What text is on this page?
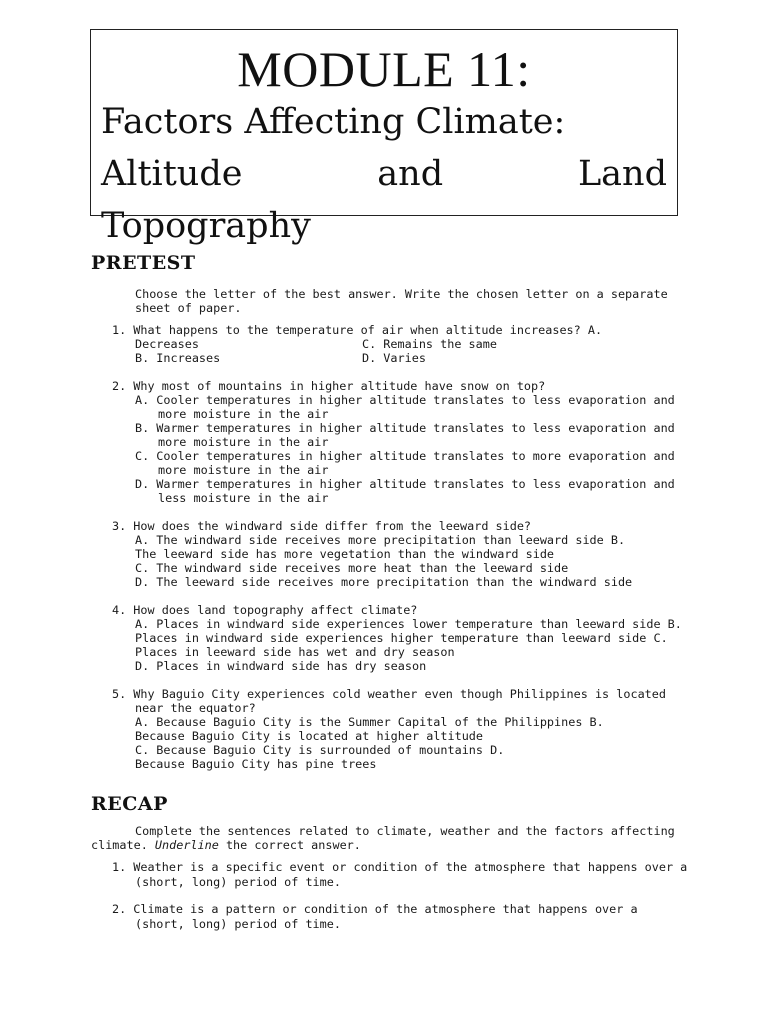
MODULE 11:
Factors Affecting Climate:
Altitude	and	Land
Topography
PRETEST
Choose the letter of the best answer. Write the chosen letter on a separate
sheet of paper.
1. What happens to the temperature of air when altitude increases? A.
Decreases	C. Remains the same
B. Increases	D. Varies
2. Why most of mountains in higher altitude have snow on top?
A. Cooler temperatures in higher altitude translates to less evaporation and
more moisture in the air
B. Warmer temperatures in higher altitude translates to less evaporation and
more moisture in the air
C. Cooler temperatures in higher altitude translates to more evaporation and
more moisture in the air
D. Warmer temperatures in higher altitude translates to less evaporation and
less moisture in the air
3. How does the windward side differ from the leeward side?
A. The windward side receives more precipitation than leeward side B.
The leeward side has more vegetation than the windward side
C. The windward side receives more heat than the leeward side
D. The leeward side receives more precipitation than the windward side
4. How does land topography affect climate?
A. Places in windward side experiences lower temperature than leeward side B.
Places in windward side experiences higher temperature than leeward side C.
Places in leeward side has wet and dry season
D. Places in windward side has dry season
5. Why Baguio City experiences cold weather even though Philippines is located
near the equator?
A. Because Baguio City is the Summer Capital of the Philippines B.
Because Baguio City is located at higher altitude
C. Because Baguio City is surrounded of mountains D.
Because Baguio City has pine trees
RECAP
Complete the sentences related to climate, weather and the factors affecting
climate. Underline the correct answer.
1. Weather is a specific event or condition of the atmosphere that happens over a
(short, long) period of time.
2. Climate is a pattern or condition of the atmosphere that happens over a
(short, long) period of time.
